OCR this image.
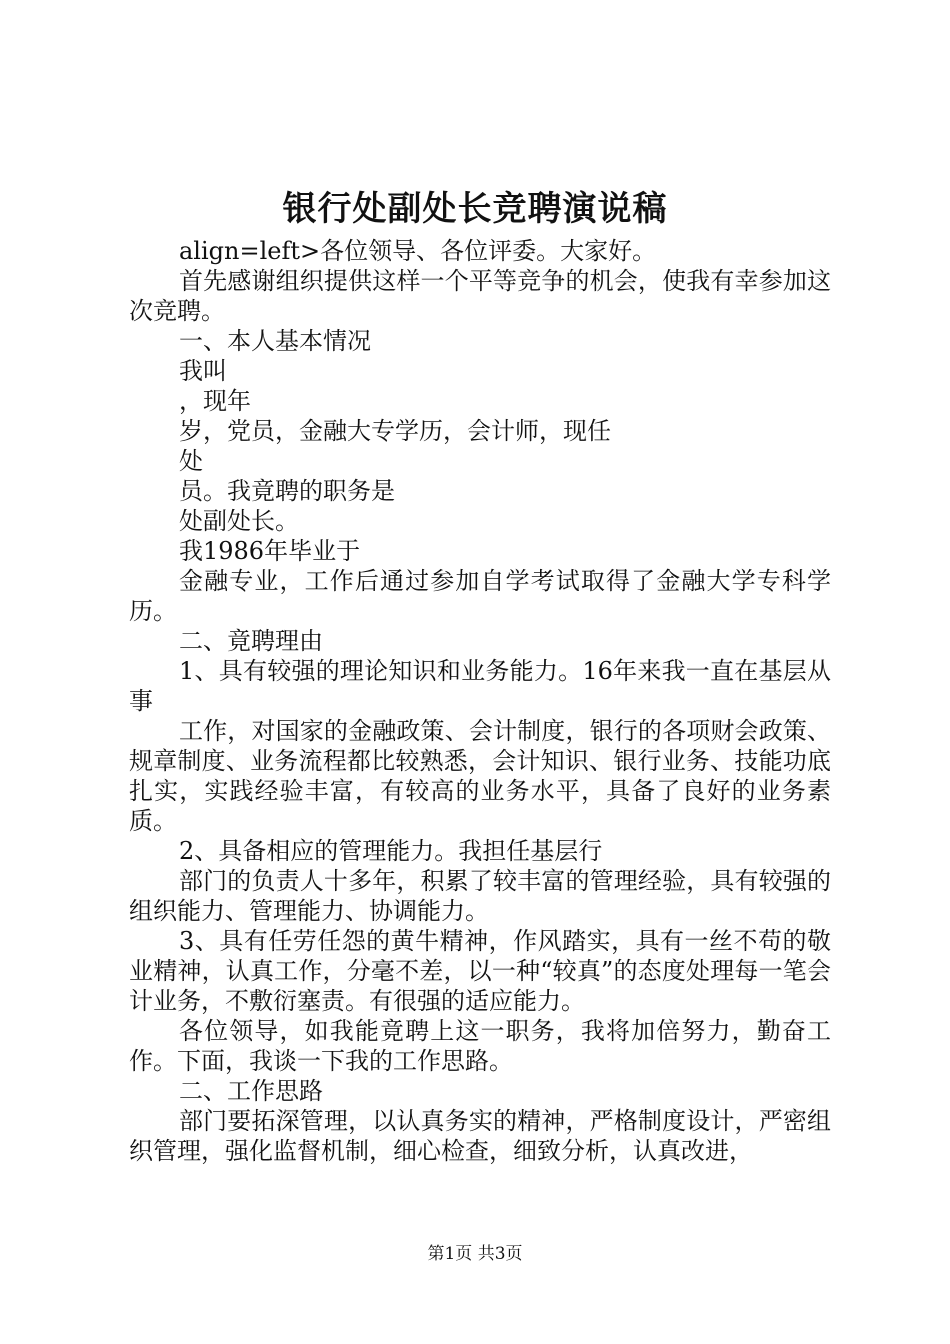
银行处副处长竞聘演说稿

align=left>各位领导、各位评委。大家好。

首先感谢组织提供这样一个平等竞争的机会，使我有幸参加这次竞聘。

一、本人基本情况

我叫

，现年

岁，党员，金融大专学历，会计师，现任

处

员。我竟聘的职务是

处副处长。

我1986年毕业于

金融专业，工作后通过参加自学考试取得了金融大学专科学历。

二、竟聘理由

1、具有较强的理论知识和业务能力。16年来我一直在基层从事

工作，对国家的金融政策、会计制度，银行的各项财会政策、规章制度、业务流程都比较熟悉，会计知识、银行业务、技能功底扎实，实践经验丰富，有较高的业务水平，具备了良好的业务素质。

2、具备相应的管理能力。我担任基层行

部门的负责人十多年，积累了较丰富的管理经验，具有较强的组织能力、管理能力、协调能力。

3、具有任劳任怨的黄牛精神，作风踏实，具有一丝不苟的敬业精神，认真工作，分毫不差，以一种“较真”的态度处理每一笔会计业务，不敷衍塞责。有很强的适应能力。

各位领导，如我能竟聘上这一职务，我将加倍努力，勤奋工作。下面，我谈一下我的工作思路。

二、工作思路

部门要拓深管理，以认真务实的精神，严格制度设计，严密组织管理，强化监督机制，细心检查，细致分析，认真改进，

第1页 共3页
